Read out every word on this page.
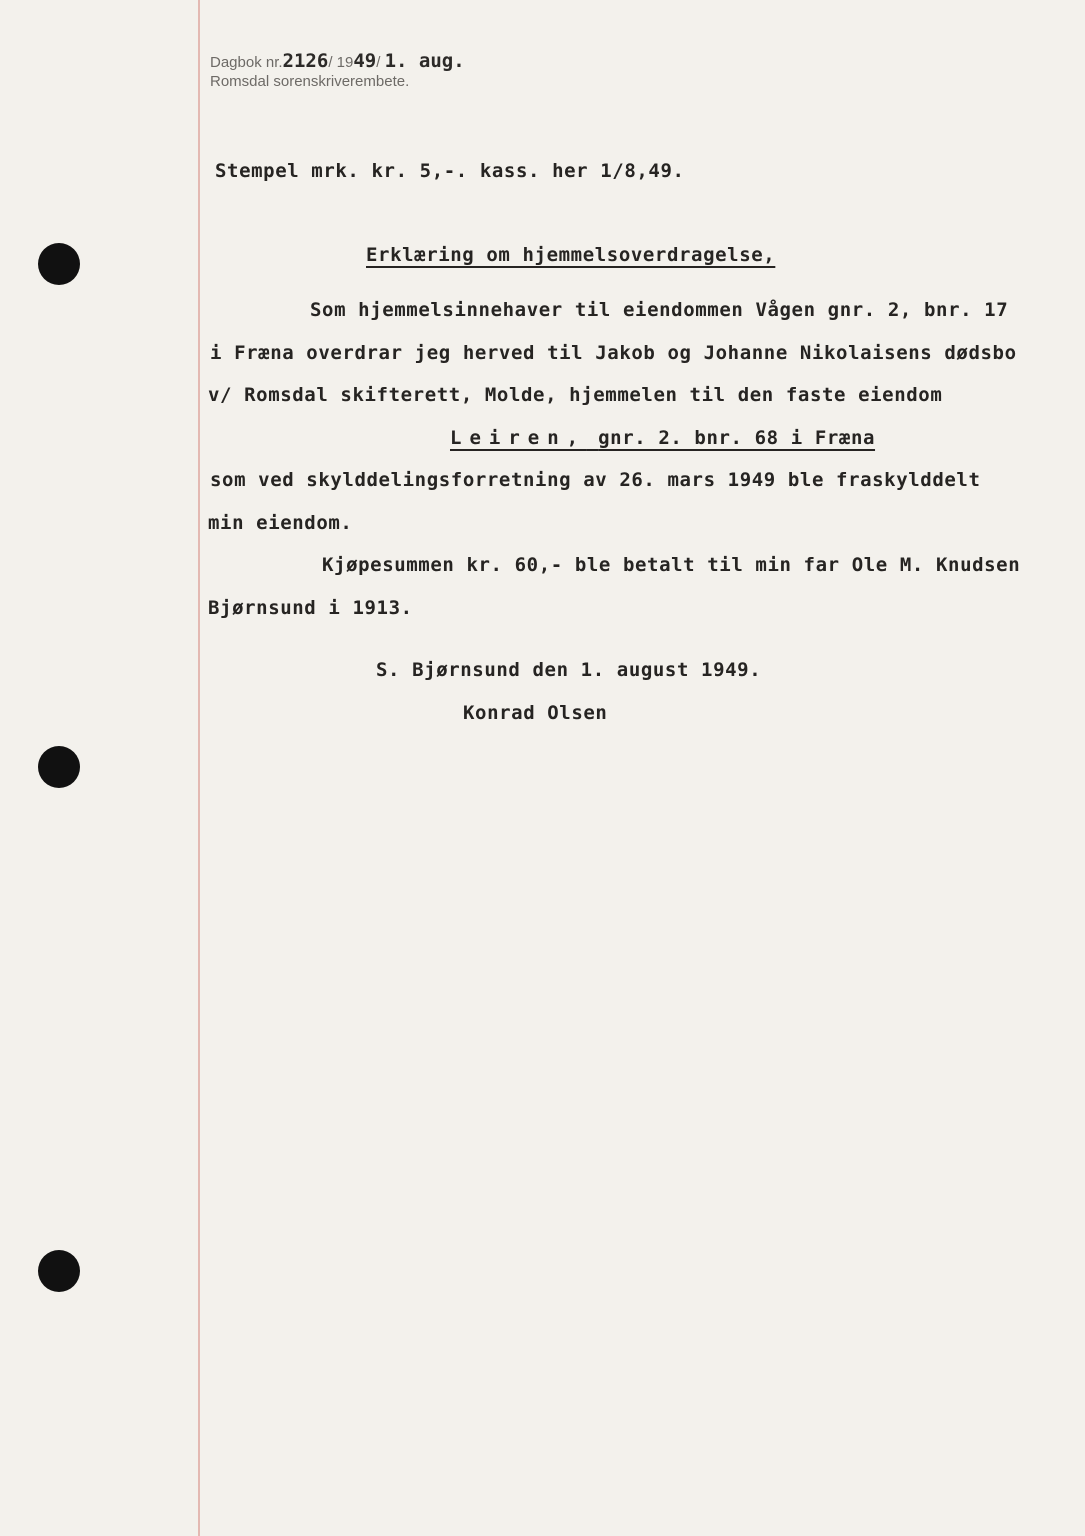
Dagbok nr.2126/ 1949/ 1. aug.
Romsdal sorenskriverembete.
Stempel mrk. kr. 5,-. kass. her 1/8,49.
Erklæring om hjemmelsoverdragelse,
Som hjemmelsinnehaver til eiendommen Vågen gnr. 2, bnr. 17
i Fræna overdrar jeg herved til Jakob og Johanne Nikolaisens dødsbo
v/ Romsdal skifterett, Molde, hjemmelen til den faste eiendom
Leiren, gnr. 2. bnr. 68 i Fræna
som ved skylddelingsforretning av 26. mars 1949 ble fraskylddelt
min eiendom.
Kjøpesummen kr. 60,- ble betalt til min far Ole M. Knudsen
Bjørnsund i 1913.
S. Bjørnsund den 1. august 1949.
Konrad Olsen
